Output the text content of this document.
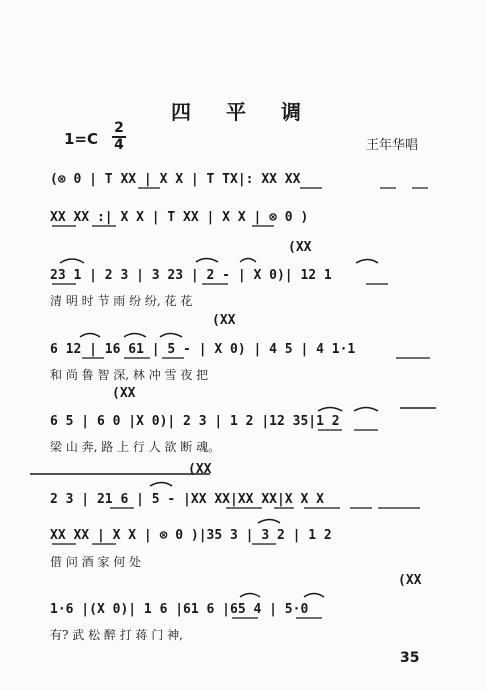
四 平 调
1=C
2
4	王年华唱
(⊗ 0 | T XX | X X | T TX|: XX XX
XX XX :| X X | T XX | X X | ⊗ 0 )
(XX
23 1 | 2 3 | 3 23 | 2 - | X 0)| 12 1
清 明 时 节 雨 纷 纷, 花 花
(XX
6 12 | 16 61 | 5 - | X 0) | 4 5 | 4 1·1
和 尚 鲁 智 深, 林 冲 雪 夜 把
(XX
6 5 | 6 0 |X 0)| 2 3 | 1 2 |12 35|1 2
梁 山 奔, 路 上 行 人 欲 断 魂。
(XX
2 3 | 21 6 | 5 - |XX XX|XX XX|X X X
XX XX | X X | ⊗ 0 )|35 3 | 3 2 | 1 2
借 问 酒 家 何 处
(XX
1·6 |(X 0)| 1 6 |61 6 |65 4 | 5·0
有? 武 松 醉 打 蒋 门 神,
35
